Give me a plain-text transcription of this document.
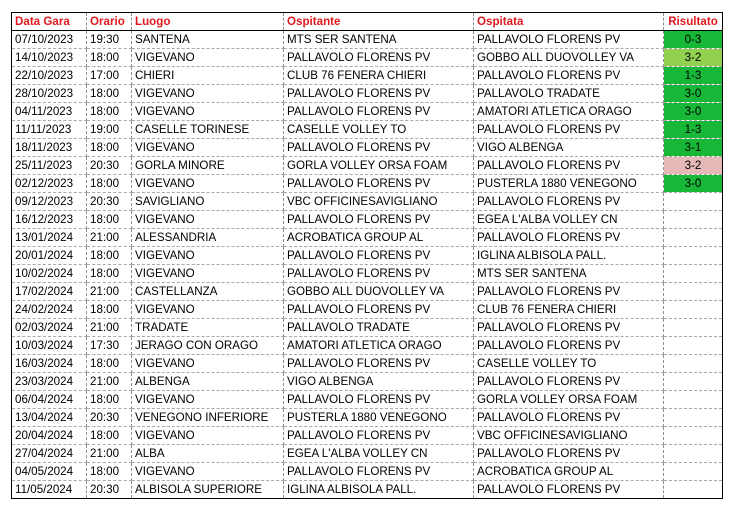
Data Gara	Orario	Luogo	Ospitante	Ospitata	Risultato
07/10/2023	19:30	SANTENA	MTS SER SANTENA	PALLAVOLO FLORENS PV	0-3
14/10/2023	18:00	VIGEVANO	PALLAVOLO FLORENS PV	GOBBO ALL DUOVOLLEY VA	3-2
22/10/2023	17:00	CHIERI	CLUB 76 FENERA CHIERI	PALLAVOLO FLORENS PV	1-3
28/10/2023	18:00	VIGEVANO	PALLAVOLO FLORENS PV	PALLAVOLO TRADATE	3-0
04/11/2023	18:00	VIGEVANO	PALLAVOLO FLORENS PV	AMATORI ATLETICA ORAGO	3-0
11/11/2023	19:00	CASELLE TORINESE	CASELLE VOLLEY TO	PALLAVOLO FLORENS PV	1-3
18/11/2023	18:00	VIGEVANO	PALLAVOLO FLORENS PV	VIGO ALBENGA	3-1
25/11/2023	20:30	GORLA MINORE	GORLA VOLLEY ORSA FOAM	PALLAVOLO FLORENS PV	3-2
02/12/2023	18:00	VIGEVANO	PALLAVOLO FLORENS PV	PUSTERLA 1880 VENEGONO	3-0
09/12/2023	20:30	SAVIGLIANO	VBC OFFICINESAVIGLIANO	PALLAVOLO FLORENS PV	
16/12/2023	18:00	VIGEVANO	PALLAVOLO FLORENS PV	EGEA L'ALBA VOLLEY CN	
13/01/2024	21:00	ALESSANDRIA	ACROBATICA GROUP AL	PALLAVOLO FLORENS PV	
20/01/2024	18:00	VIGEVANO	PALLAVOLO FLORENS PV	IGLINA ALBISOLA PALL.	
10/02/2024	18:00	VIGEVANO	PALLAVOLO FLORENS PV	MTS SER SANTENA	
17/02/2024	21:00	CASTELLANZA	GOBBO ALL DUOVOLLEY VA	PALLAVOLO FLORENS PV	
24/02/2024	18:00	VIGEVANO	PALLAVOLO FLORENS PV	CLUB 76 FENERA CHIERI	
02/03/2024	21:00	TRADATE	PALLAVOLO TRADATE	PALLAVOLO FLORENS PV	
10/03/2024	17:30	JERAGO CON ORAGO	AMATORI ATLETICA ORAGO	PALLAVOLO FLORENS PV	
16/03/2024	18:00	VIGEVANO	PALLAVOLO FLORENS PV	CASELLE VOLLEY TO	
23/03/2024	21:00	ALBENGA	VIGO ALBENGA	PALLAVOLO FLORENS PV	
06/04/2024	18:00	VIGEVANO	PALLAVOLO FLORENS PV	GORLA VOLLEY ORSA FOAM	
13/04/2024	20:30	VENEGONO INFERIORE	PUSTERLA 1880 VENEGONO	PALLAVOLO FLORENS PV	
20/04/2024	18:00	VIGEVANO	PALLAVOLO FLORENS PV	VBC OFFICINESAVIGLIANO	
27/04/2024	21:00	ALBA	EGEA L'ALBA VOLLEY CN	PALLAVOLO FLORENS PV	
04/05/2024	18:00	VIGEVANO	PALLAVOLO FLORENS PV	ACROBATICA GROUP AL	
11/05/2024	20:30	ALBISOLA SUPERIORE	IGLINA ALBISOLA PALL.	PALLAVOLO FLORENS PV	
